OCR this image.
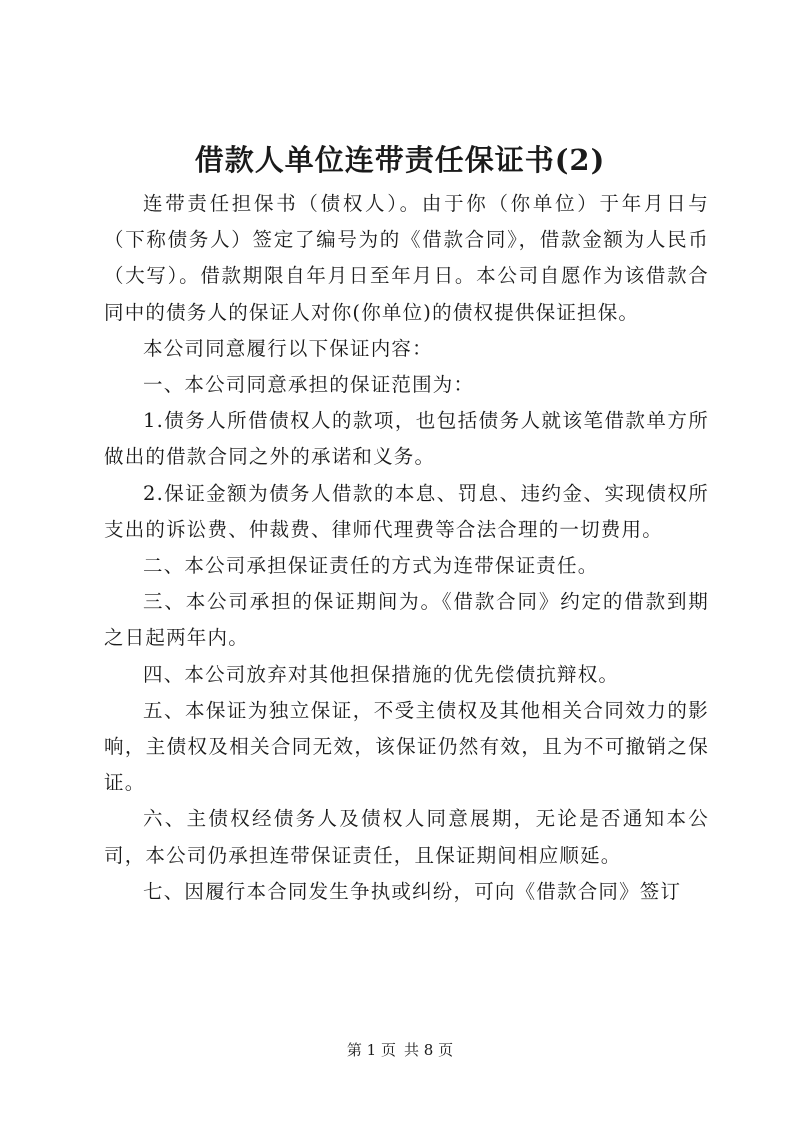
借款人单位连带责任保证书(2)

连带责任担保书（债权人）。由于你（你单位）于年月日与（下称债务人）签定了编号为的《借款合同》，借款金额为人民币（大写）。借款期限自年月日至年月日。本公司自愿作为该借款合同中的债务人的保证人对你(你单位)的债权提供保证担保。

本公司同意履行以下保证内容：

一、本公司同意承担的保证范围为：

1.债务人所借债权人的款项，也包括债务人就该笔借款单方所做出的借款合同之外的承诺和义务。

2.保证金额为债务人借款的本息、罚息、违约金、实现债权所支出的诉讼费、仲裁费、律师代理费等合法合理的一切费用。

二、本公司承担保证责任的方式为连带保证责任。

三、本公司承担的保证期间为。《借款合同》约定的借款到期之日起两年内。

四、本公司放弃对其他担保措施的优先偿债抗辩权。

五、本保证为独立保证，不受主债权及其他相关合同效力的影响，主债权及相关合同无效，该保证仍然有效，且为不可撤销之保证。

六、主债权经债务人及债权人同意展期，无论是否通知本公司，本公司仍承担连带保证责任，且保证期间相应顺延。

七、因履行本合同发生争执或纠纷，可向《借款合同》签订

第 1 页 共 8 页
